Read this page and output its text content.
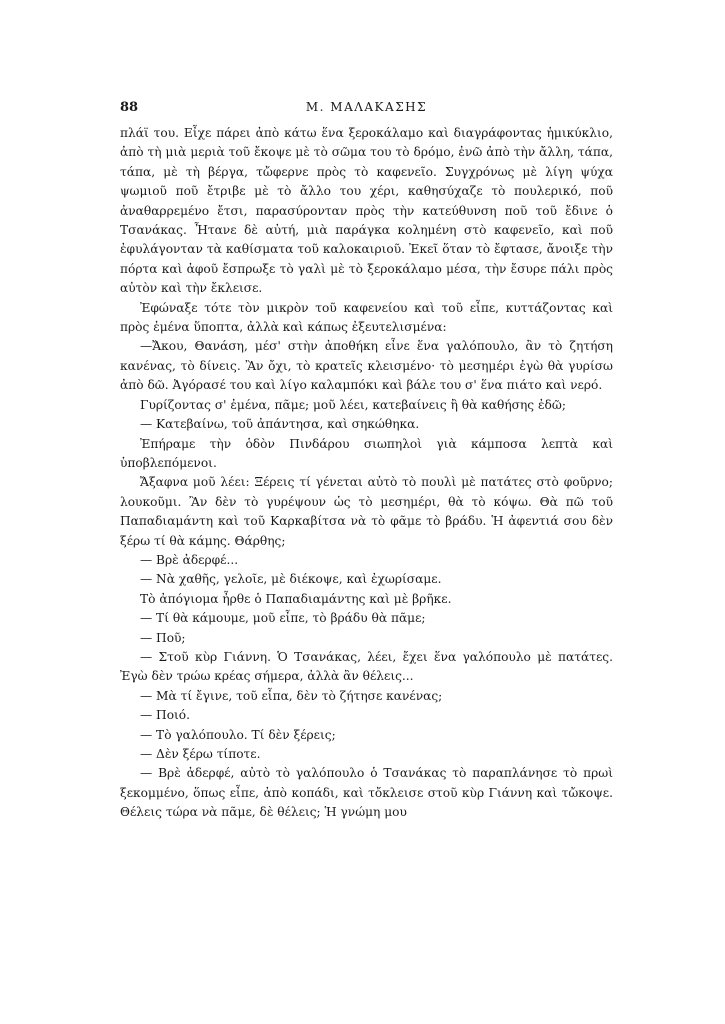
88	Μ. ΜΑΛΑΚΑΣΗΣ

πλάϊ του. Εἶχε πάρει ἀπὸ κάτω ἕνα ξεροκάλαμο καὶ διαγράφοντας ἡμικύκλιο, ἀπὸ τὴ μιὰ μεριὰ τοῦ ἔκοψε μὲ τὸ σῶμα του τὸ δρόμο, ἐνῶ ἀπὸ τὴν ἄλλη, τάπα, τάπα, μὲ τὴ βέργα, τὤφερνε πρὸς τὸ καφενεῖο. Συγχρόνως μὲ λίγη ψύχα ψωμιοῦ ποῦ ἔτριβε μὲ τὸ ἄλλο του χέρι, καθησύχαζε τὸ πουλερικό, ποῦ ἀναθαρρεμένο ἔτσι, παρασύρονταν πρὸς τὴν κατεύθυνση ποῦ τοῦ ἔδινε ὁ Τσανάκας. Ἦτανε δὲ αὐτή, μιὰ παράγκα κολημένη στὸ καφενεῖο, καὶ ποῦ ἐφυλάγονταν τὰ καθίσματα τοῦ καλοκαιριοῦ. Ἐκεῖ ὅταν τὸ ἔφτασε, ἄνοιξε τὴν πόρτα καὶ ἀφοῦ ἔσπρωξε τὸ γαλὶ μὲ τὸ ξεροκάλαμο μέσα, τὴν ἔσυρε πάλι πρὸς αὐτὸν καὶ τὴν ἔκλεισε.

Ἐφώναξε τότε τὸν μικρὸν τοῦ καφενείου καὶ τοῦ εἶπε, κυττάζοντας καὶ πρὸς ἐμένα ὕποπτα, ἀλλὰ καὶ κάπως ἐξευτελισμένα:

—Ἄκου, Θανάση, μέσ' στὴν ἀποθήκη εἶνε ἕνα γαλόπουλο, ἂν τὸ ζητήση κανένας, τὸ δίνεις. Ἂν ὄχι, τὸ κρατεῖς κλεισμένο· τὸ μεσημέρι ἐγὼ θὰ γυρίσω ἀπὸ δῶ. Ἀγόρασέ του καὶ λίγο καλαμπόκι καὶ βάλε του σ' ἕνα πιάτο καὶ νερό.

Γυρίζοντας σ' ἐμένα, πᾶμε; μοῦ λέει, κατεβαίνεις ἢ θὰ καθήσης ἐδῶ;

— Κατεβαίνω, τοῦ ἀπάντησα, καὶ σηκώθηκα.

Ἐπήραμε τὴν ὁδὸν Πινδάρου σιωπηλοὶ γιὰ κάμποσα λεπτὰ καὶ ὑποβλεπόμενοι.

Ἄξαφνα μοῦ λέει: Ξέρεις τί γένεται αὐτὸ τὸ πουλὶ μὲ πατάτες στὸ φοῦρνο; λουκοῦμι. Ἂν δὲν τὸ γυρέψουν ὡς τὸ μεσημέρι, θὰ τὸ κόψω. Θὰ πῶ τοῦ Παπαδιαμάντη καὶ τοῦ Καρκαβίτσα νὰ τὸ φᾶμε τὸ βράδυ. Ἡ ἀφεντιά σου δὲν ξέρω τί θὰ κάμης. Θάρθης;

— Βρὲ ἀδερφέ...

— Νὰ χαθῆς, γελοῖε, μὲ διέκοψε, καὶ ἐχωρίσαμε.

Τὸ ἀπόγιομα ἦρθε ὁ Παπαδιαμάντης καὶ μὲ βρῆκε.

— Τί θὰ κάμουμε, μοῦ εἶπε, τὸ βράδυ θὰ πᾶμε;

— Ποῦ;

— Στοῦ κὺρ Γιάννη. Ὁ Τσανάκας, λέει, ἔχει ἕνα γαλόπουλο μὲ πατάτες. Ἐγὼ δὲν τρώω κρέας σήμερα, ἀλλὰ ἂν θέλεις...

— Μὰ τί ἔγινε, τοῦ εἶπα, δὲν τὸ ζήτησε κανένας;

— Ποιό.

— Τὸ γαλόπουλο. Τί δὲν ξέρεις;

— Δὲν ξέρω τίποτε.

— Βρὲ ἀδερφέ, αὐτὸ τὸ γαλόπουλο ὁ Τσανάκας τὸ παραπλάνησε τὸ πρωὶ ξεκομμένο, ὅπως εἶπε, ἀπὸ κοπάδι, καὶ τὄκλεισε στοῦ κὺρ Γιάννη καὶ τὤκοψε. Θέλεις τώρα νὰ πᾶμε, δὲ θέλεις; Ἡ γνώμη μου
